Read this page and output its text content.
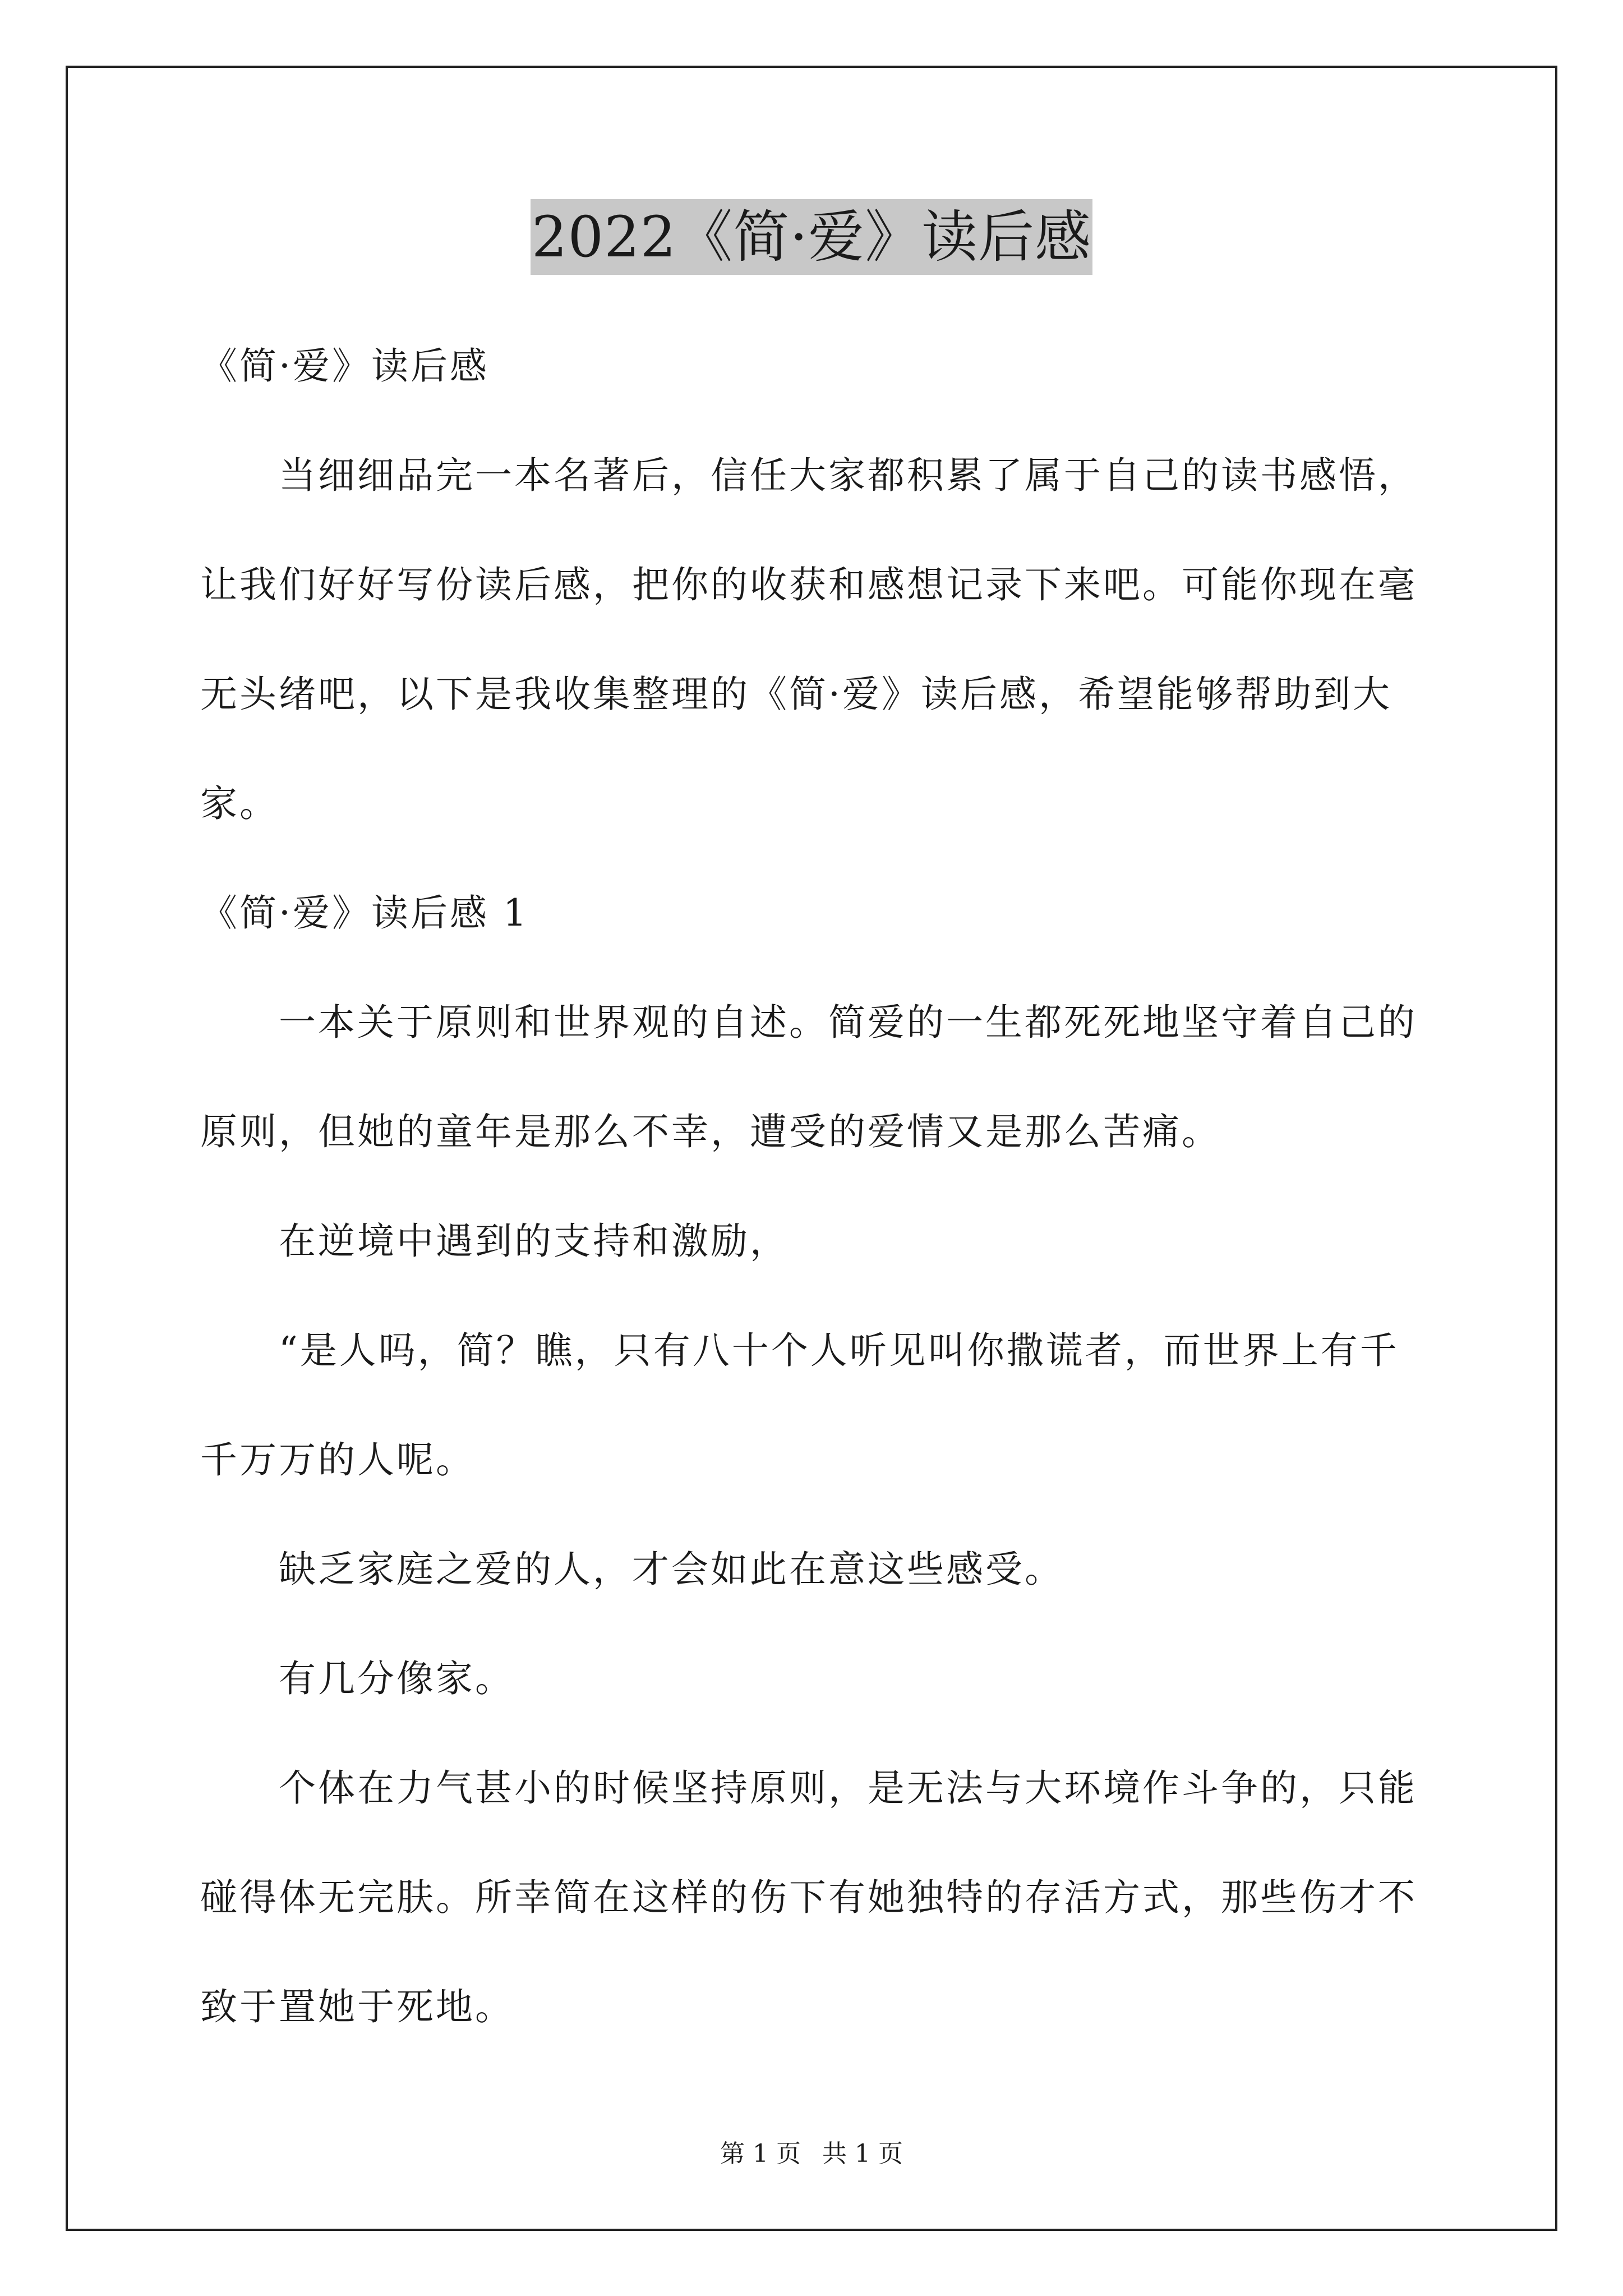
2022《简·爱》读后感

《简·爱》读后感

当细细品完一本名著后，信任大家都积累了属于自己的读书感悟，让我们好好写份读后感，把你的收获和感想记录下来吧。可能你现在毫无头绪吧，以下是我收集整理的《简·爱》读后感，希望能够帮助到大家。

《简·爱》读后感 1

一本关于原则和世界观的自述。简爱的一生都死死地坚守着自己的原则，但她的童年是那么不幸，遭受的爱情又是那么苦痛。

在逆境中遇到的支持和激励，

“是人吗，简？瞧，只有八十个人听见叫你撒谎者，而世界上有千千万万的人呢。

缺乏家庭之爱的人，才会如此在意这些感受。

有几分像家。

个体在力气甚小的时候坚持原则，是无法与大环境作斗争的，只能碰得体无完肤。所幸简在这样的伤下有她独特的存活方式，那些伤才不致于置她于死地。

第 1 页 共 1 页
